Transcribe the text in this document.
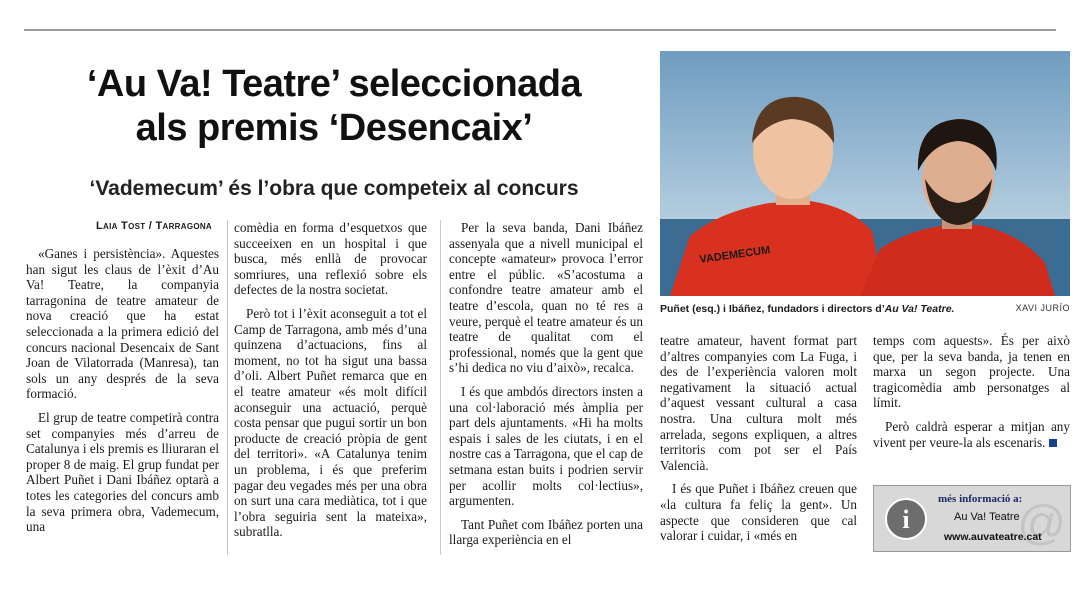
‘Au Va! Teatre’ seleccionada
als premis ‘Desencaix’
‘Vademecum’ és l’obra que competeix al concurs
Laia Tost / Tarragona

«Ganes i persistència». Aquestes han sigut les claus de l’èxit d’Au Va! Teatre, la companyia tarragonina de teatre amateur de nova creació que ha estat seleccionada a la primera edició del concurs nacional Desencaix de Sant Joan de Vilatorrada (Manresa), tan sols un any després de la seva formació.

El grup de teatre competirà contra set companyies més d’arreu de Catalunya i els premis es lliuraran el proper 8 de maig. El grup fundat per Albert Puñet i Dani Ibáñez optarà a totes les categories del concurs amb la seva primera obra, Vademecum, una

comèdia en forma d’esquetxos que succeeixen en un hospital i que busca, més enllà de provocar somriures, una reflexió sobre els defectes de la nostra societat.

Però tot i l’èxit aconseguit a tot el Camp de Tarragona, amb més d’una quinzena d’actuacions, fins al moment, no tot ha sigut una bassa d’oli. Albert Puñet remarca que en el teatre amateur «és molt difícil aconseguir una actuació, perquè costa pensar que pugui sortir un bon producte de creació pròpia de gent del territori». «A Catalunya tenim un problema, i és que preferim pagar deu vegades més per una obra on surt una cara mediàtica, tot i que l’obra seguiria sent la mateixa», subratlla.

Per la seva banda, Dani Ibáñez assenyala que a nivell municipal el concepte «amateur» provoca l’error entre el públic. «S’acostuma a confondre teatre amateur amb el teatre d’escola, quan no té res a veure, perquè el teatre amateur és un teatre de qualitat com el professional, només que la gent que s’hi dedica no viu d’això», recalca.

I és que ambdós directors insten a una col·laboració més àmplia per part dels ajuntaments. «Hi ha molts espais i sales de les ciutats, i en el nostre cas a Tarragona, que el cap de setmana estan buits i podrien servir per acollir molts col·lectius», argumenten.

Tant Puñet com Ibáñez porten una llarga experiència en el

VADEMECUM
Puñet (esq.) i Ibáñez, fundadors i directors d’Au Va! Teatre.	XAVI JURÍO

teatre amateur, havent format part d’altres companyies com La Fuga, i des de l’experiència valoren molt negativament la situació actual d’aquest vessant cultural a casa nostra. Una cultura molt més arrelada, segons expliquen, a altres territoris com pot ser el País Valencià.

I és que Puñet i Ibáñez creuen que «la cultura fa feliç la gent». Un aspecte que consideren que cal valorar i cuidar, i «més en

temps com aquests». És per això que, per la seva banda, ja tenen en marxa un segon projecte. Una tragicomèdia amb personatges al límit.

Però caldrà esperar a mitjan any vivent per veure-la als escenaris.

i @
més informació a:
Au Va! Teatre
www.auvateatre.cat
